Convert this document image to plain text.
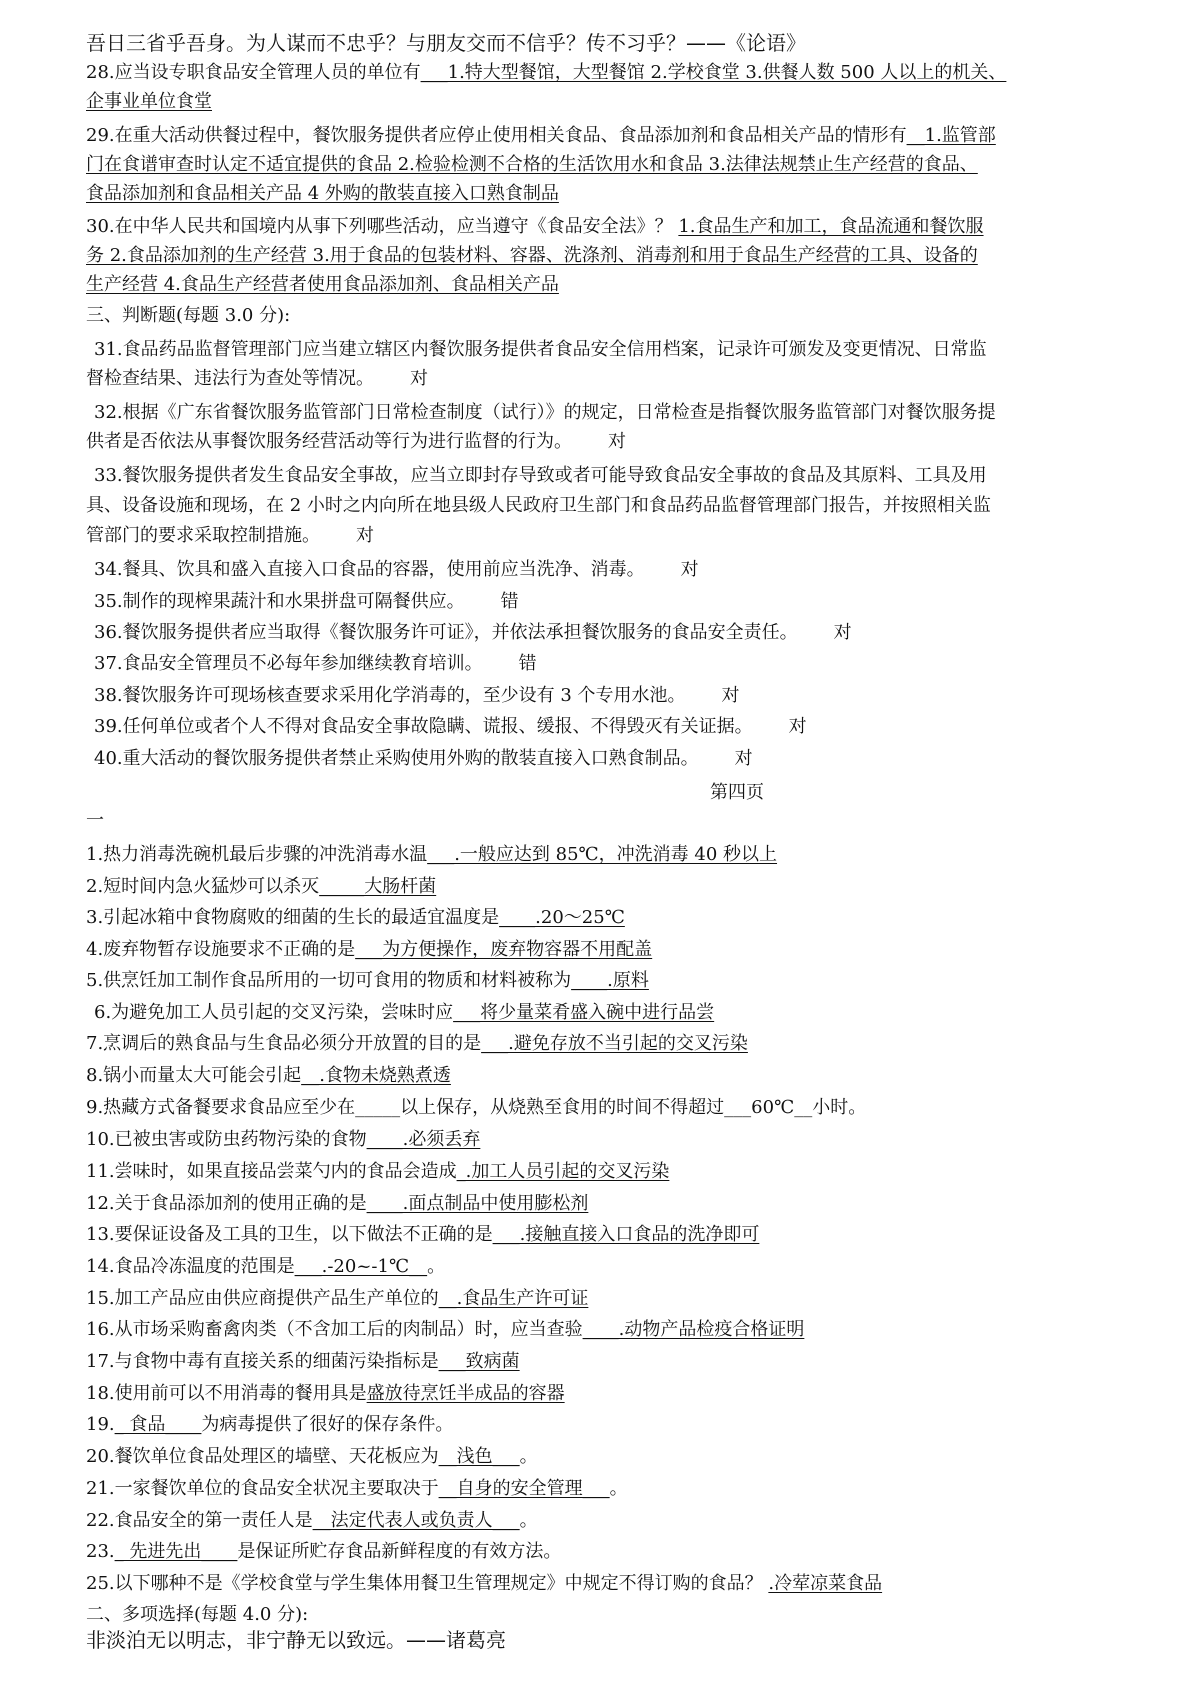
吾日三省乎吾身。为人谋而不忠乎？与朋友交而不信乎？传不习乎？——《论语》
28.应当设专职食品安全管理人员的单位有___1.特大型餐馆，大型餐馆 2.学校食堂 3.供餐人数 500 人以上的机关、
企事业单位食堂
29.在重大活动供餐过程中，餐饮服务提供者应停止使用相关食品、食品添加剂和食品相关产品的情形有__1.监管部
门在食谱审查时认定不适宜提供的食品 2.检验检测不合格的生活饮用水和食品 3.法律法规禁止生产经营的食品、
食品添加剂和食品相关产品 4 外购的散装直接入口熟食制品
30.在中华人民共和国境内从事下列哪些活动，应当遵守《食品安全法》？ 1.食品生产和加工，食品流通和餐饮服
务 2.食品添加剂的生产经营 3.用于食品的包装材料、容器、洗涤剂、消毒剂和用于食品生产经营的工具、设备的
生产经营 4.食品生产经营者使用食品添加剂、食品相关产品
三、判断题(每题 3.0 分):
31.食品药品监督管理部门应当建立辖区内餐饮服务提供者食品安全信用档案，记录许可颁发及变更情况、日常监
督检查结果、违法行为查处等情况。 对
32.根据《广东省餐饮服务监管部门日常检查制度（试行）》的规定，日常检查是指餐饮服务监管部门对餐饮服务提
供者是否依法从事餐饮服务经营活动等行为进行监督的行为。 对
33.餐饮服务提供者发生食品安全事故，应当立即封存导致或者可能导致食品安全事故的食品及其原料、工具及用
具、设备设施和现场，在 2 小时之内向所在地县级人民政府卫生部门和食品药品监督管理部门报告，并按照相关监
管部门的要求采取控制措施。 对
34.餐具、饮具和盛入直接入口食品的容器，使用前应当洗净、消毒。 对
35.制作的现榨果蔬汁和水果拼盘可隔餐供应。 错
36.餐饮服务提供者应当取得《餐饮服务许可证》，并依法承担餐饮服务的食品安全责任。 对
37.食品安全管理员不必每年参加继续教育培训。 错
38.餐饮服务许可现场核查要求采用化学消毒的，至少设有 3 个专用水池。 对
39.任何单位或者个人不得对食品安全事故隐瞒、谎报、缓报、不得毁灭有关证据。 对
40.重大活动的餐饮服务提供者禁止采购使用外购的散装直接入口熟食制品。 对
第四页
一
1.热力消毒洗碗机最后步骤的冲洗消毒水温___.一般应达到 85℃，冲洗消毒 40 秒以上
2.短时间内急火猛炒可以杀灭_____大肠杆菌
3.引起冰箱中食物腐败的细菌的生长的最适宜温度是____.20～25℃
4.废弃物暂存设施要求不正确的是___为方便操作，废弃物容器不用配盖
5.供烹饪加工制作食品所用的一切可食用的物质和材料被称为____.原料
6.为避免加工人员引起的交叉污染，尝味时应___将少量菜肴盛入碗中进行品尝
7.烹调后的熟食品与生食品必须分开放置的目的是___.避免存放不当引起的交叉污染
8.锅小而量太大可能会引起__.食物未烧熟煮透
9.热藏方式备餐要求食品应至少在_____以上保存，从烧熟至食用的时间不得超过___60℃__小时。
10.已被虫害或防虫药物污染的食物____.必须丢弃
11.尝味时，如果直接品尝菜勺内的食品会造成_.加工人员引起的交叉污染
12.关于食品添加剂的使用正确的是____.面点制品中使用膨松剂
13.要保证设备及工具的卫生，以下做法不正确的是___.接触直接入口食品的洗净即可
14.食品冷冻温度的范围是___.-20~-1℃__。
15.加工产品应由供应商提供产品生产单位的__.食品生产许可证
16.从市场采购畜禽肉类（不含加工后的肉制品）时，应当查验____.动物产品检疫合格证明
17.与食物中毒有直接关系的细菌污染指标是___致病菌
18.使用前可以不用消毒的餐用具是盛放待烹饪半成品的容器
19._ 食品____为病毒提供了很好的保存条件。
20.餐饮单位食品处理区的墙壁、天花板应为__浅色___。
21.一家餐饮单位的食品安全状况主要取决于__自身的安全管理___。
22.食品安全的第一责任人是__法定代表人或负责人___。
23._ 先进先出____是保证所贮存食品新鲜程度的有效方法。
25.以下哪种不是《学校食堂与学生集体用餐卫生管理规定》中规定不得订购的食品？ .冷荤凉菜食品
二、多项选择(每题 4.0 分):
非淡泊无以明志，非宁静无以致远。——诸葛亮
